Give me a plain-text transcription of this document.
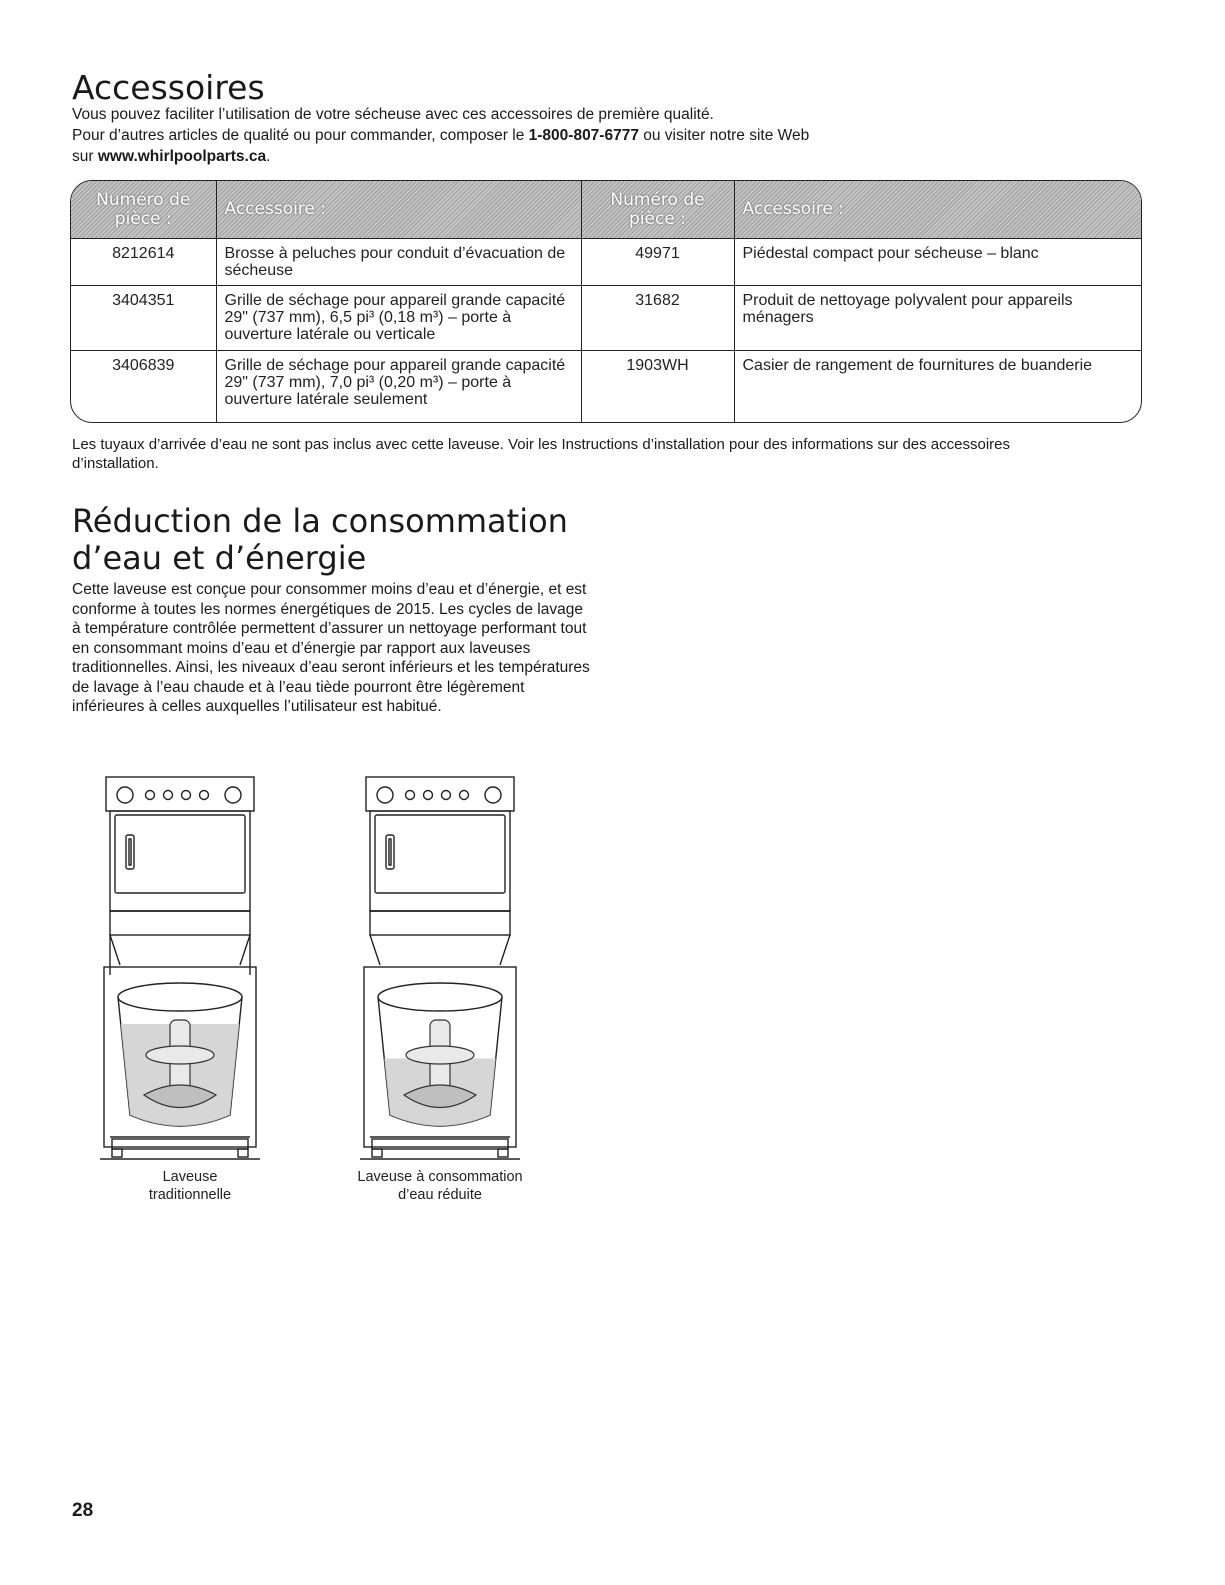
Accessoires

Vous pouvez faciliter l’utilisation de votre sécheuse avec ces accessoires de première qualité.

Pour d’autres articles de qualité ou pour commander, composer le 1-800-807-6777 ou visiter notre site Web

sur www.whirlpoolparts.ca.

Numéro de pièce :	Accessoire :	Numéro de pièce :	Accessoire :
8212614	Brosse à peluches pour conduit d’évacuation de sécheuse	49971	Piédestal compact pour sécheuse – blanc
3404351	Grille de séchage pour appareil grande capacité 29" (737 mm), 6,5 pi³ (0,18 m³) – porte à ouverture latérale ou verticale	31682	Produit de nettoyage polyvalent pour appareils ménagers
3406839	Grille de séchage pour appareil grande capacité 29" (737 mm), 7,0 pi³ (0,20 m³) – porte à ouverture latérale seulement	1903WH	Casier de rangement de fournitures de buanderie
Les tuyaux d’arrivée d’eau ne sont pas inclus avec cette laveuse. Voir les Instructions d’installation pour des informations sur des accessoires d’installation.
Réduction de la consommation d’eau et d’énergie
Cette laveuse est conçue pour consommer moins d’eau et d’énergie, et est conforme à toutes les normes énergétiques de 2015. Les cycles de lavage à température contrôlée permettent d’assurer un nettoyage performant tout en consommant moins d’eau et d’énergie par rapport aux laveuses traditionnelles. Ainsi, les niveaux d’eau seront inférieurs et les températures de lavage à l’eau chaude et à l’eau tiède pourront être légèrement inférieures à celles auxquelles l’utilisateur est habitué.
Laveuse
traditionnelle
Laveuse à consommation
d’eau réduite
28
